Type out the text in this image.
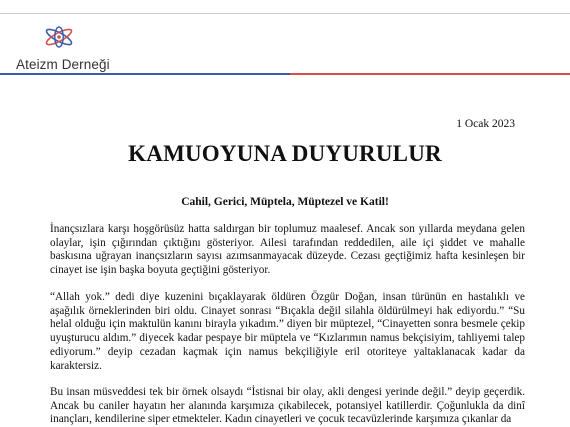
Ateizm Derneği
1 Ocak 2023
KAMUOYUNA DUYURULUR
Cahil, Gerici, Müptela, Müptezel ve Katil!
İnançsızlara karşı hoşgörüsüz hatta saldırgan bir toplumuz maalesef. Ancak son yıllarda meydana gelen olaylar, işin çığırından çıktığını gösteriyor. Ailesi tarafından reddedilen, aile içi şiddet ve mahalle baskısına uğrayan inançsızların sayısı azımsanmayacak düzeyde. Cezası geçtiğimiz hafta kesinleşen bir cinayet ise işin başka boyuta geçtiğini gösteriyor.
“Allah yok.” dedi diye kuzenini bıçaklayarak öldüren Özgür Doğan, insan türünün en hastalıklı ve aşağılık örneklerinden biri oldu. Cinayet sonrası “Bıçakla değil silahla öldürülmeyi hak ediyordu.” “Su helal olduğu için maktulün kanını birayla yıkadım.” diyen bir müptezel, “Cinayetten sonra besmele çekip uyuşturucu aldım.” diyecek kadar pespaye bir müptela ve “Kızlarımın namus bekçisiyim, tahliyemi talep ediyorum.” deyip cezadan kaçmak için namus bekçiliğiyle eril otoriteye yaltaklanacak kadar da karaktersiz.
Bu insan müsveddesi tek bir örnek olsaydı “İstisnai bir olay, akli dengesi yerinde değil.” deyip geçerdik. Ancak bu caniler hayatın her alanında karşımıza çıkabilecek, potansiyel katillerdir. Çoğunlukla da dinî inançları, kendilerine siper etmekteler. Kadın cinayetleri ve çocuk tecavüzlerinde karşımıza çıkanlar da
